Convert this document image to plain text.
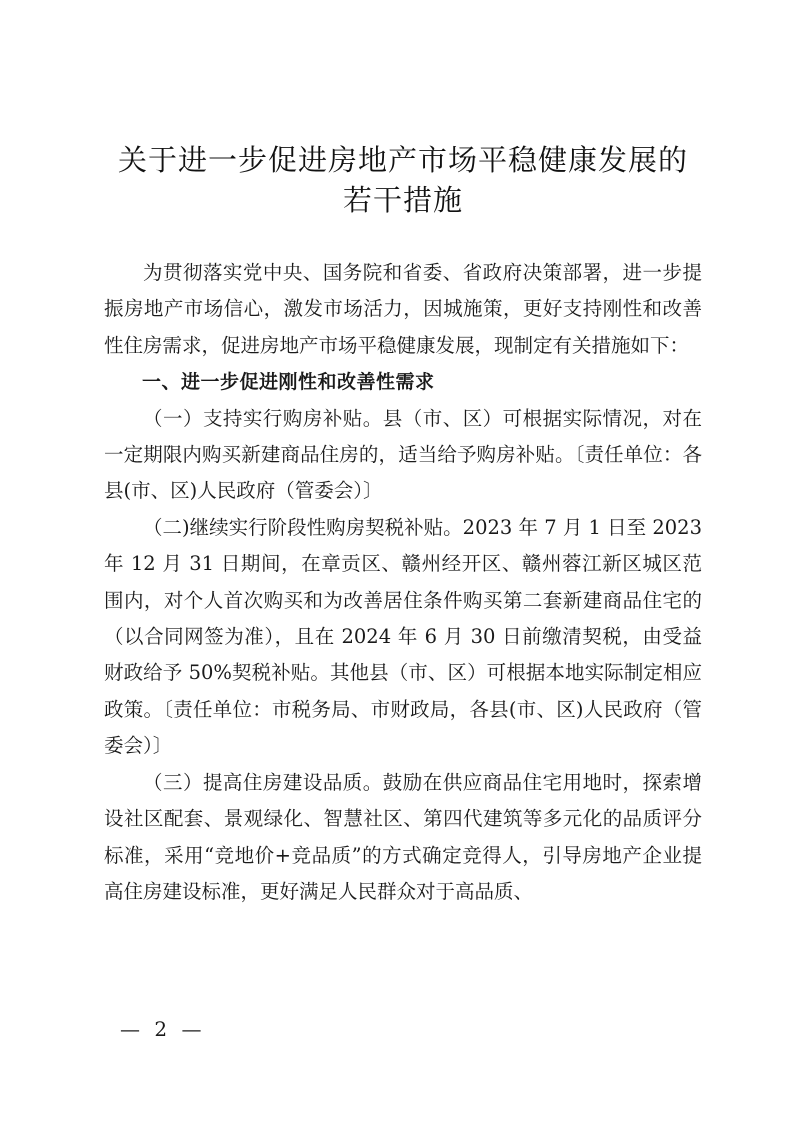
关于进一步促进房地产市场平稳健康发展的
若干措施

为贯彻落实党中央、国务院和省委、省政府决策部署，进一步提振房地产市场信心，激发市场活力，因城施策，更好支持刚性和改善性住房需求，促进房地产市场平稳健康发展，现制定有关措施如下：

一、进一步促进刚性和改善性需求

（一）支持实行购房补贴。县（市、区）可根据实际情况，对在一定期限内购买新建商品住房的，适当给予购房补贴。〔责任单位：各县(市、区)人民政府（管委会）〕

（二)继续实行阶段性购房契税补贴。2023 年 7 月 1 日至 2023 年 12 月 31 日期间，在章贡区、赣州经开区、赣州蓉江新区城区范围内，对个人首次购买和为改善居住条件购买第二套新建商品住宅的（以合同网签为准），且在 2024 年 6 月 30 日前缴清契税，由受益财政给予 50%契税补贴。其他县（市、区）可根据本地实际制定相应政策。〔责任单位：市税务局、市财政局，各县(市、区)人民政府（管委会）〕

（三）提高住房建设品质。鼓励在供应商品住宅用地时，探索增设社区配套、景观绿化、智慧社区、第四代建筑等多元化的品质评分标准，采用“竞地价+竞品质”的方式确定竞得人，引导房地产企业提高住房建设标准，更好满足人民群众对于高品质、

— 2 —
